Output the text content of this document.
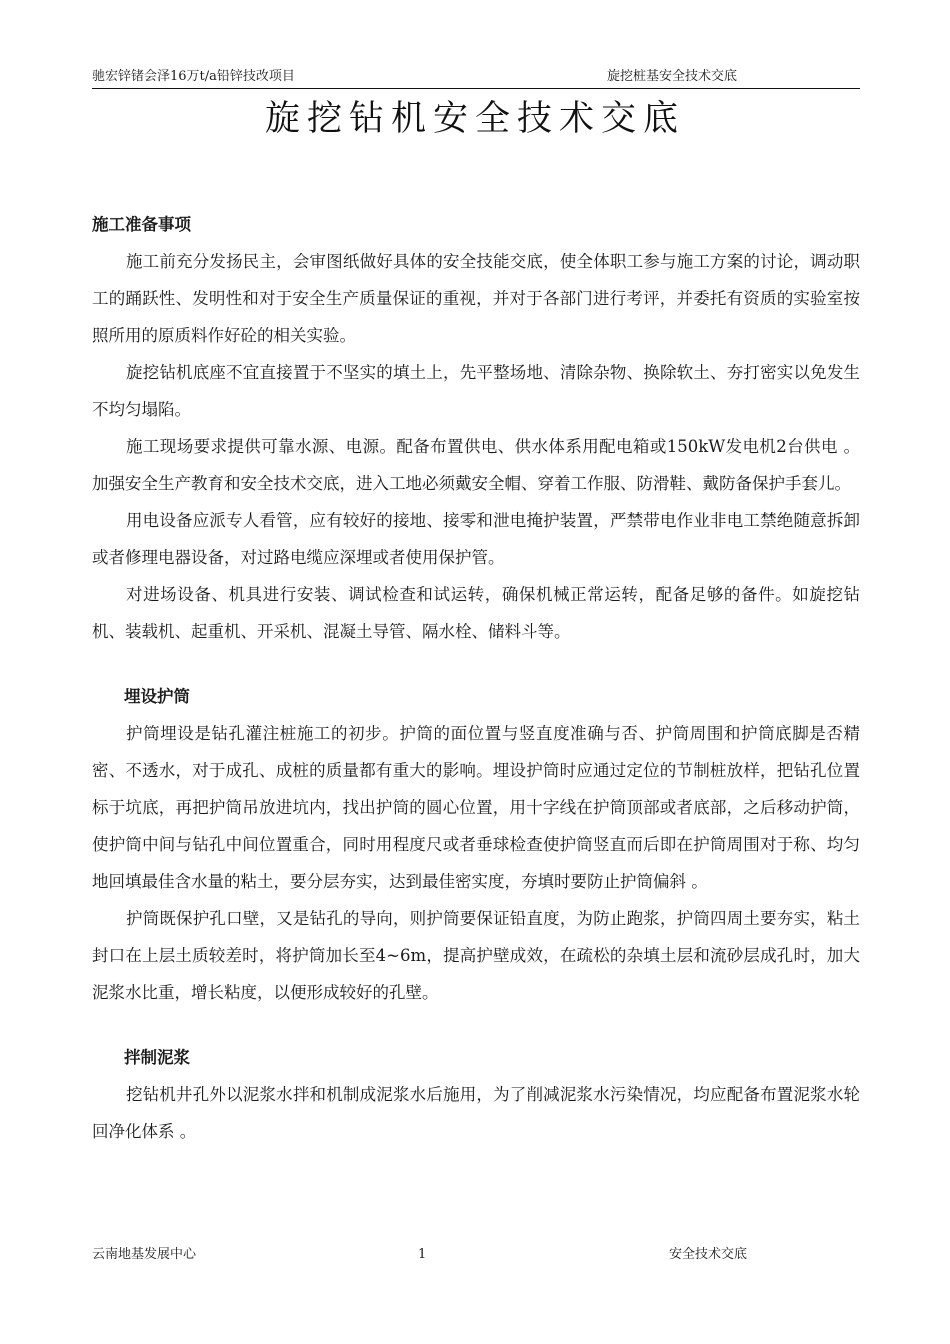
驰宏锌锗会泽16万t/a铅锌技改项目	旋挖桩基安全技术交底
旋挖钻机安全技术交底
施工准备事项

施工前充分发扬民主，会审图纸做好具体的安全技能交底，使全体职工参与施工方案的讨论，调动职工的踊跃性、发明性和对于安全生产质量保证的重视，并对于各部门进行考评，并委托有资质的实验室按照所用的原质料作好砼的相关实验。

旋挖钻机底座不宜直接置于不坚实的填土上，先平整场地、清除杂物、换除软土、夯打密实以免发生不均匀塌陷。

施工现场要求提供可靠水源、电源。配备布置供电、供水体系用配电箱或150kW发电机2台供电 。加强安全生产教育和安全技术交底，进入工地必须戴安全帽、穿着工作服、防滑鞋、戴防备保护手套儿。

用电设备应派专人看管，应有较好的接地、接零和泄电掩护装置，严禁带电作业非电工禁绝随意拆卸或者修理电器设备，对过路电缆应深埋或者使用保护管。

对进场设备、机具进行安装、调试检查和试运转，确保机械正常运转，配备足够的备件。如旋挖钻机、装载机、起重机、开采机、混凝土导管、隔水栓、储料斗等。

埋设护筒

护筒埋设是钻孔灌注桩施工的初步。护筒的面位置与竖直度准确与否、护筒周围和护筒底脚是否精密、不透水，对于成孔、成桩的质量都有重大的影响。埋设护筒时应通过定位的节制桩放样，把钻孔位置标于坑底，再把护筒吊放进坑内，找出护筒的圆心位置，用十字线在护筒顶部或者底部，之后移动护筒，使护筒中间与钻孔中间位置重合，同时用程度尺或者垂球检查使护筒竖直而后即在护筒周围对于称、均匀地回填最佳含水量的粘土，要分层夯实，达到最佳密实度，夯填时要防止护筒偏斜 。

护筒既保护孔口壁，又是钻孔的导向，则护筒要保证铅直度，为防止跑浆，护筒四周土要夯实，粘土封口在上层土质较差时，将护筒加长至4~6m，提高护壁成效，在疏松的杂填土层和流砂层成孔时，加大泥浆水比重，增长粘度，以便形成较好的孔壁。

拌制泥浆

挖钻机井孔外以泥浆水拌和机制成泥浆水后施用，为了削减泥浆水污染情况，均应配备布置泥浆水轮回净化体系 。

云南地基发展中心	1	安全技术交底
